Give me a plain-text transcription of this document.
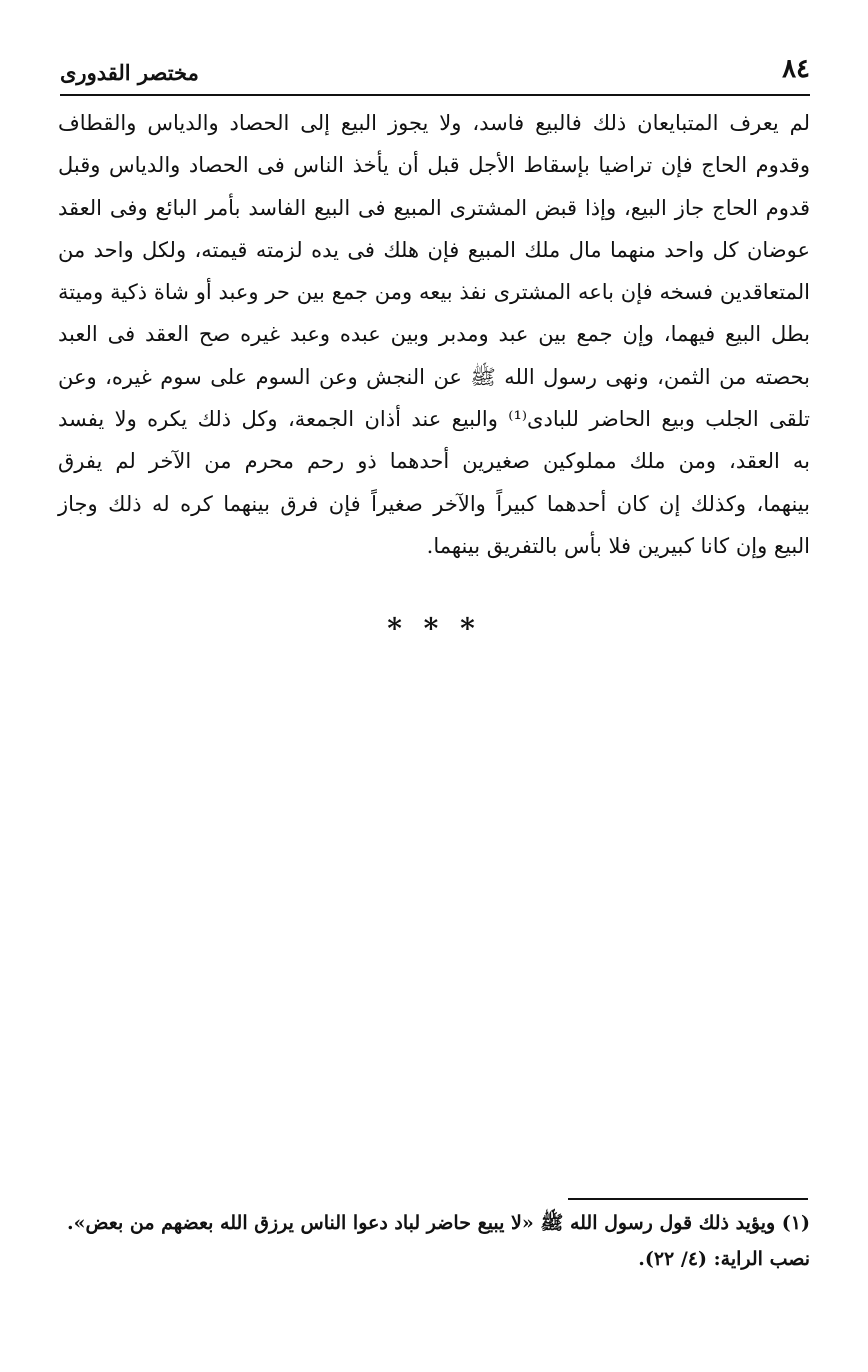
٨٤
مختصر القدورى
لم يعرف المتبايعان ذلك فالبيع فاسد، ولا يجوز البيع إلى الحصاد والدياس والقطاف
وقدوم الحاج فإن تراضيا بإسقاط الأجل قبل أن يأخذ الناس فى الحصاد والدياس وقبل
قدوم الحاج جاز البيع، وإذا قبض المشترى المبيع فى البيع الفاسد بأمر البائع وفى العقد
عوضان كل واحد منهما مال ملك المبيع فإن هلك فى يده لزمته قيمته، ولكل واحد من
المتعاقدين فسخه فإن باعه المشترى نفذ بيعه ومن جمع بين حر وعبد أو شاة ذكية وميتة
بطل البيع فيهما، وإن جمع بين عبد ومدبر وبين عبده وعبد غيره صح العقد فى العبد
بحصته من الثمن، ونهى رسول الله ﷺ عن النجش وعن السوم على سوم غيره، وعن
تلقى الجلب وبيع الحاضر للبادى⁽¹⁾ والبيع عند أذان الجمعة، وكل ذلك يكره ولا يفسد
به العقد، ومن ملك مملوكين صغيرين أحدهما ذو رحم محرم من الآخر لم يفرق
بينهما، وكذلك إن كان أحدهما كبيراً والآخر صغيراً فإن فرق بينهما كره له ذلك وجاز
البيع وإن كانا كبيرين فلا بأس بالتفريق بينهما.
* * *
(١) ويؤيد ذلك قول رسول الله ﷺ «لا يبيع حاضر لباد دعوا الناس يرزق الله بعضهم من بعض».
نصب الراية: (٤/ ٢٢).
